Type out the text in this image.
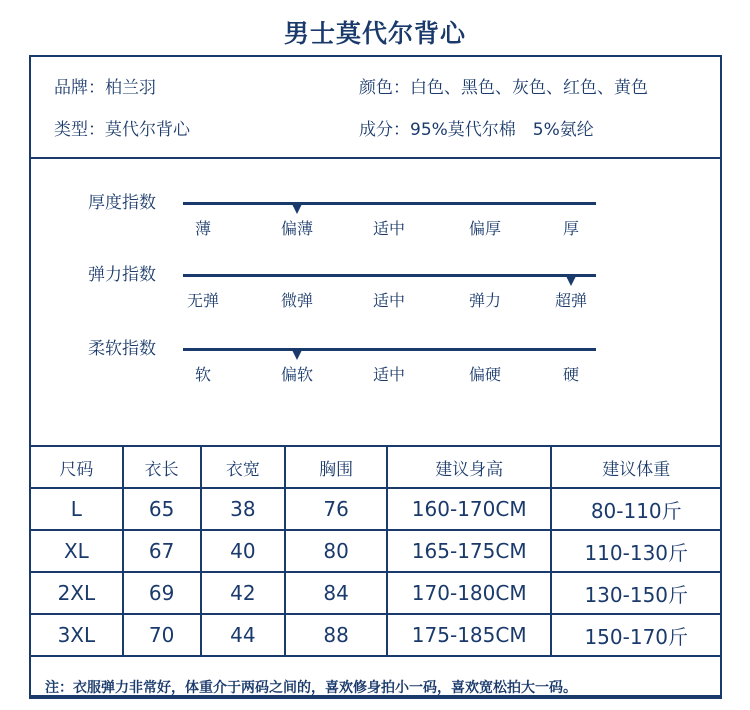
男士莫代尔背心
品牌：柏兰羽	颜色：白色、黑色、灰色、红色、黄色
类型：莫代尔背心	成分：95%莫代尔棉　5%氨纶
厚度指数
薄	偏薄	适中	偏厚	厚
弹力指数
无弹	微弹	适中	弹力	超弹
柔软指数
软	偏软	适中	偏硬	硬
尺码	衣长	衣宽	胸围	建议身高	建议体重
L	65	38	76	160-170CM	80-110斤
XL	67	40	80	165-175CM	110-130斤
2XL	69	42	84	170-180CM	130-150斤
3XL	70	44	88	175-185CM	150-170斤

注：衣服弹力非常好，体重介于两码之间的，喜欢修身拍小一码，喜欢宽松拍大一码。
